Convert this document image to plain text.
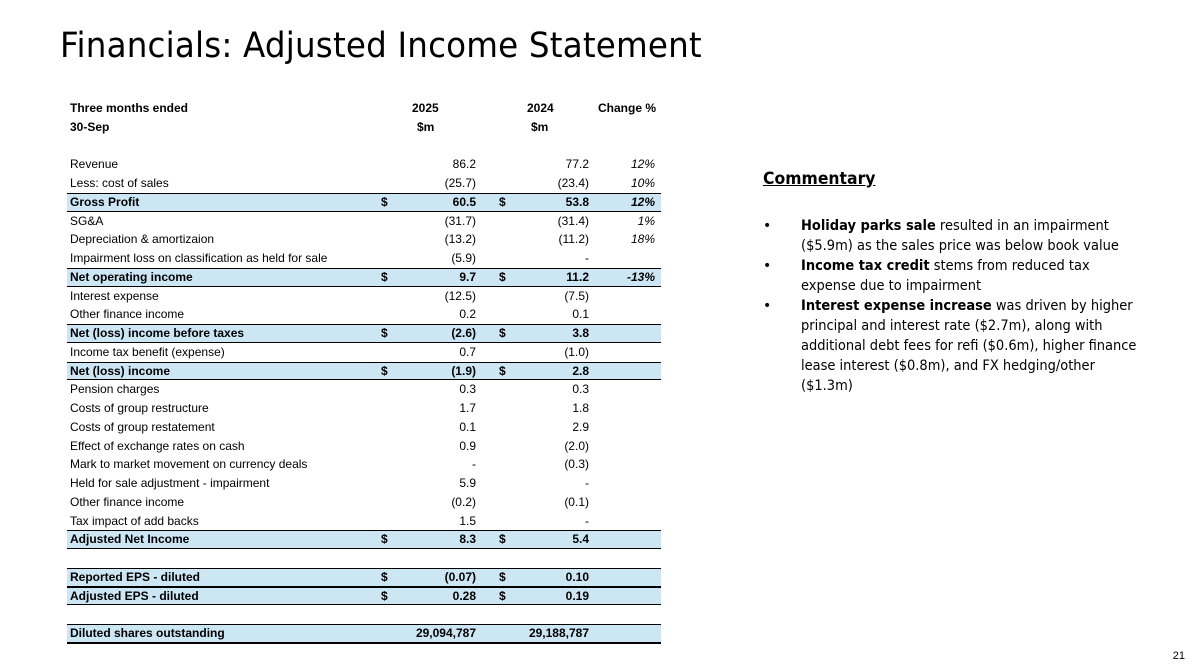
Financials: Adjusted Income Statement
Three months ended	2025	2024	Change %
30-Sep	$m	$m
Revenue	86.2	77.2	12%
Less: cost of sales	(25.7)	(23.4)	10%
Gross Profit	$	60.5 $	53.8	12%
SG&A	(31.7)	(31.4)	1%
Depreciation & amortizaion	(13.2)	(11.2)	18%
Impairment loss on classification as held for sale	(5.9)	-
Net operating income	$	9.7 $	11.2	-13%
Interest expense	(12.5)	(7.5)
Other finance income	0.2	0.1
Net (loss) income before taxes	$	(2.6) $	3.8
Income tax benefit (expense)	0.7	(1.0)
Net (loss) income	$	(1.9) $	2.8
Pension charges	0.3	0.3
Costs of group restructure	1.7	1.8
Costs of group restatement	0.1	2.9
Effect of exchange rates on cash	0.9	(2.0)
Mark to market movement on currency deals	-	(0.3)
Held for sale adjustment - impairment	5.9	-
Other finance income	(0.2)	(0.1)
Tax impact of add backs	1.5	-
Adjusted Net Income	$	8.3 $	5.4
Reported EPS - diluted	$	(0.07) $	0.10
Adjusted EPS - diluted	$	0.28 $	0.19
Diluted shares outstanding	29,094,787	29,188,787
Commentary
• Holiday parks sale resulted in an impairment ($5.9m) as the sales price was below book value
• Income tax credit stems from reduced tax expense due to impairment
• Interest expense increase was driven by higher principal and interest rate ($2.7m), along with additional debt fees for refi ($0.6m), higher finance lease interest ($0.8m), and FX hedging/other ($1.3m)
21
